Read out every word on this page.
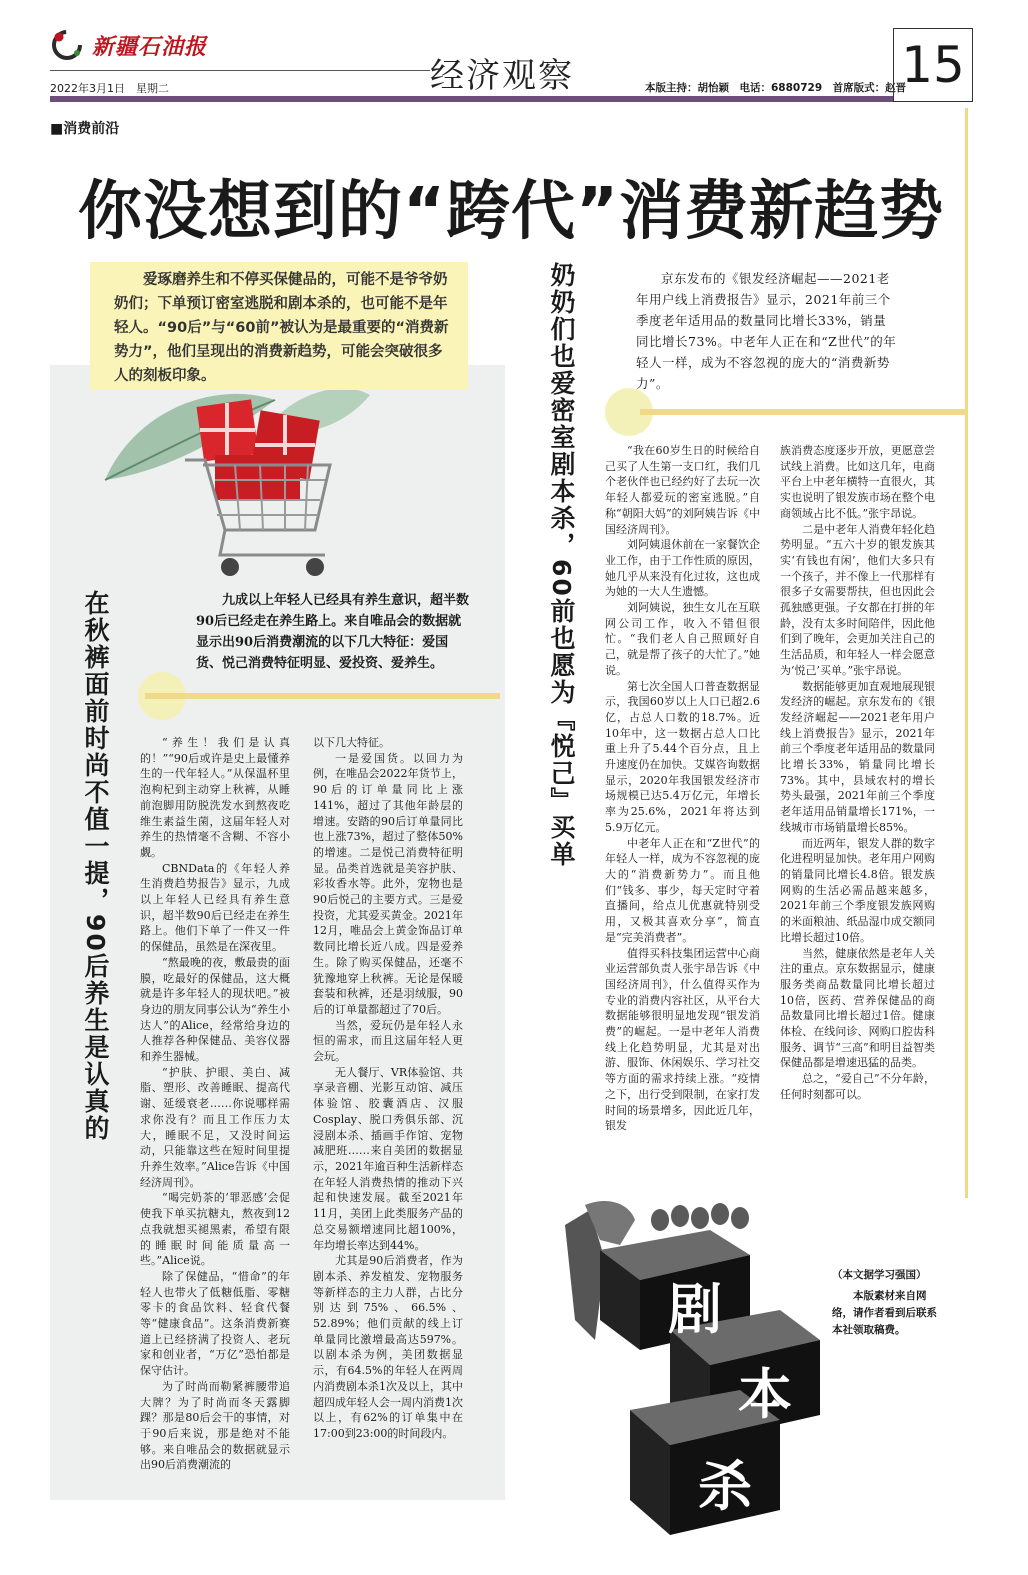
新疆石油报
2022年3月1日　星期二	经济观察	本版主持：胡怡颖　电话：6880729　首席版式：赵晋
15
■消费前沿
你没想到的“跨代”消费新趋势
爱琢磨养生和不停买保健品的，可能不是爷爷奶奶们；下单预订密室逃脱和剧本杀的，也可能不是年轻人。“90后”与“60前”被认为是最重要的“消费新势力”，他们呈现出的消费新趋势，可能会突破很多人的刻板印象。
在秋裤面前时尚不值一提，90后养生是认真的	奶奶们也爱密室剧本杀，60前也愿为『悦己』买单
九成以上年轻人已经具有养生意识，超半数90后已经走在养生路上。来自唯品会的数据就显示出90后消费潮流的以下几大特征：爱国货、悦己消费特征明显、爱投资、爱养生。
京东发布的《银发经济崛起——2021老年用户线上消费报告》显示，2021年前三个季度老年适用品的数量同比增长33%，销量同比增长73%。中老年人正在和“Z世代”的年轻人一样，成为不容忽视的庞大的“消费新势力”。

“养生！我们是认真的！”“90后或许是史上最懂养生的一代年轻人。”从保温杯里泡枸杞到主动穿上秋裤，从睡前泡脚用防脱洗发水到熬夜吃维生素益生菌，这届年轻人对养生的热情毫不含糊、不容小觑。

CBNData的《年轻人养生消费趋势报告》显示，九成以上年轻人已经具有养生意识，超半数90后已经走在养生路上。他们下单了一件又一件的保健品，虽然是在深夜里。

“熬最晚的夜，敷最贵的面膜，吃最好的保健品，这大概就是许多年轻人的现状吧。”被身边的朋友同事公认为“养生小达人”的Alice，经常给身边的人推荐各种保健品、美容仪器和养生器械。

“护肤、护眼、美白、减脂、塑形、改善睡眠、提高代谢、延缓衰老……你说哪样需求你没有？而且工作压力太大，睡眠不足，又没时间运动，只能靠这些在短时间里提升养生效率。”Alice告诉《中国经济周刊》。

“喝完奶茶的‘罪恶感’会促使我下单买抗糖丸，熬夜到12点我就想买褪黑素，希望有限的睡眠时间能质量高一些。”Alice说。

除了保健品，“惜命”的年轻人也带火了低糖低脂、零糖零卡的食品饮料、轻食代餐等“健康食品”。这条消费新赛道上已经挤满了投资人、老玩家和创业者，“万亿”恐怕都是保守估计。

为了时尚而勒紧裤腰带追大牌？为了时尚而冬天露脚踝？那是80后会干的事情，对于90后来说，那是绝对不能够。来自唯品会的数据就显示出90后消费潮流的

以下几大特征。

一是爱国货。以回力为例，在唯品会2022年货节上，90后的订单量同比上涨141%，超过了其他年龄层的增速。安踏的90后订单量同比也上涨73%，超过了整体50%的增速。二是悦己消费特征明显。品类首选就是美容护肤、彩妆香水等。此外，宠物也是90后悦己的主要方式。三是爱投资，尤其爱买黄金。2021年12月，唯品会上黄金饰品订单数同比增长近八成。四是爱养生。除了购买保健品，还毫不犹豫地穿上秋裤。无论是保暖套装和秋裤，还是羽绒服，90后的订单量都超过了70后。

当然，爱玩仍是年轻人永恒的需求，而且这届年轻人更会玩。

无人餐厅、VR体验馆、共享录音棚、光影互动馆、减压体验馆、胶囊酒店、汉服Cosplay、脱口秀俱乐部、沉浸剧本杀、插画手作馆、宠物减肥班……来自美团的数据显示，2021年逾百种生活新样态在年轻人消费热情的推动下兴起和快速发展。截至2021年11月，美团上此类服务产品的总交易额增速同比超100%，年均增长率达到44%。

尤其是90后消费者，作为剧本杀、养发植发、宠物服务等新样态的主力人群，占比分别达到75%、66.5%、52.89%；他们贡献的线上订单量同比激增最高达597%。以剧本杀为例，美团数据显示，有64.5%的年轻人在两周内消费剧本杀1次及以上，其中超四成年轻人会一周内消费1次以上，有62%的订单集中在17:00到23:00的时间段内。

“我在60岁生日的时候给自己买了人生第一支口红，我们几个老伙伴也已经约好了去玩一次年轻人都爱玩的密室逃脱。”自称“朝阳大妈”的刘阿姨告诉《中国经济周刊》。

刘阿姨退休前在一家餐饮企业工作，由于工作性质的原因，她几乎从来没有化过妆，这也成为她的一大人生遗憾。

刘阿姨说，独生女儿在互联网公司工作，收入不错但很忙。“我们老人自己照顾好自己，就是帮了孩子的大忙了。”她说。

第七次全国人口普查数据显示，我国60岁以上人口已超2.6亿，占总人口数的18.7%。近10年中，这一数据占总人口比重上升了5.44个百分点，且上升速度仍在加快。艾媒咨询数据显示，2020年我国银发经济市场规模已达5.4万亿元，年增长率为25.6%，2021年将达到5.9万亿元。

中老年人正在和“Z世代”的年轻人一样，成为不容忽视的庞大的“消费新势力”。而且他们“钱多、事少，每天定时守着直播间，给点儿优惠就特别受用，又极其喜欢分享”，简直是“完美消费者”。

值得买科技集团运营中心商业运营部负责人张宇昂告诉《中国经济周刊》，什么值得买作为专业的消费内容社区，从平台大数据能够很明显地发现“银发消费”的崛起。一是中老年人消费线上化趋势明显，尤其是对出游、服饰、休闲娱乐、学习社交等方面的需求持续上涨。“疫情之下，出行受到限制，在家打发时间的场景增多，因此近几年，银发

族消费态度逐步开放，更愿意尝试线上消费。比如这几年，电商平台上中老年横特一直很火，其实也说明了银发族市场在整个电商领域占比不低。”张宇昂说。

二是中老年人消费年轻化趋势明显。“五六十岁的银发族其实‘有钱也有闲’，他们大多只有一个孩子，并不像上一代那样有很多子女需要帮扶，但也因此会孤独感更强。子女都在打拼的年龄，没有太多时间陪伴，因此他们到了晚年，会更加关注自己的生活品质，和年轻人一样会愿意为‘悦己’买单。”张宇昂说。

数据能够更加直观地展现银发经济的崛起。京东发布的《银发经济崛起——2021老年用户线上消费报告》显示，2021年前三个季度老年适用品的数量同比增长33%，销量同比增长73%。其中，县域农村的增长势头最强，2021年前三个季度老年适用品销量增长171%，一线城市市场销量增长85%。

而近两年，银发人群的数字化进程明显加快。老年用户网购的销量同比增长4.8倍。银发族网购的生活必需品越来越多，2021年前三个季度银发族网购的米面粮油、纸品湿巾成交额同比增长超过10倍。

当然，健康依然是老年人关注的重点。京东数据显示，健康服务类商品数量同比增长超过10倍，医药、营养保健品的商品数量同比增长超过1倍。健康体检、在线问诊、网购口腔齿科服务、调节“三高”和明目益智类保健品都是增速迅猛的品类。

总之，“爱自己”不分年龄，任何时刻都可以。

剧
本
杀
（本文据学习强国）
本版素材来自网络，请作者看到后联系本社领取稿费。
